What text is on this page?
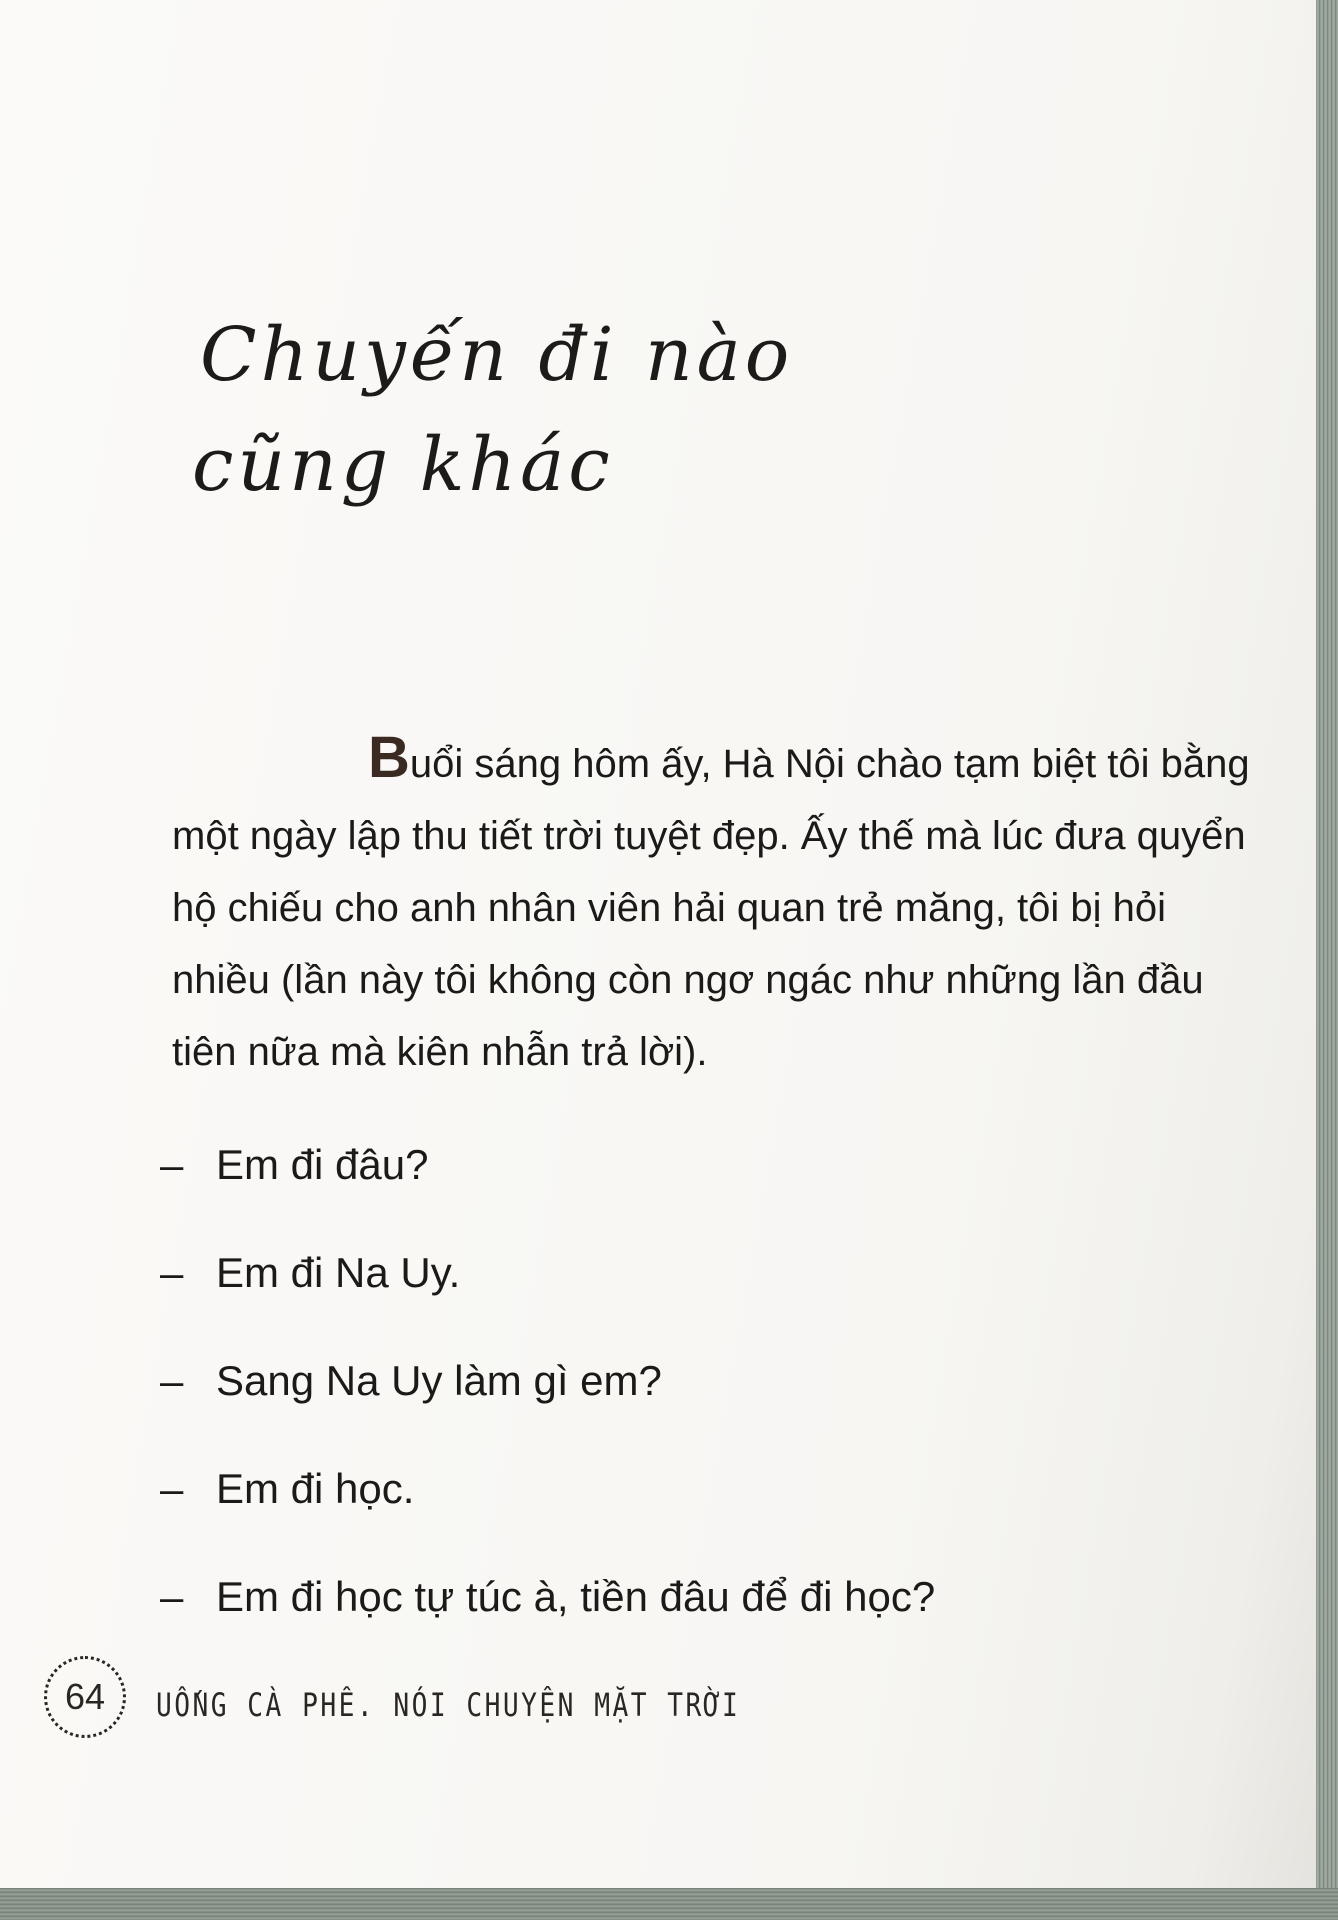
Chuyến đi nào
cũng khác

Buổi sáng hôm ấy, Hà Nội chào tạm biệt tôi bằng một ngày lập thu tiết trời tuyệt đẹp. Ấy thế mà lúc đưa quyển hộ chiếu cho anh nhân viên hải quan trẻ măng, tôi bị hỏi nhiều (lần này tôi không còn ngơ ngác như những lần đầu tiên nữa mà kiên nhẫn trả lời).

– Em đi đâu?
– Em đi Na Uy.
– Sang Na Uy làm gì em?
– Em đi học.
– Em đi học tự túc à, tiền đâu để đi học?
64	UỐNG CÀ PHÊ. NÓI CHUYỆN MẶT TRỜI
